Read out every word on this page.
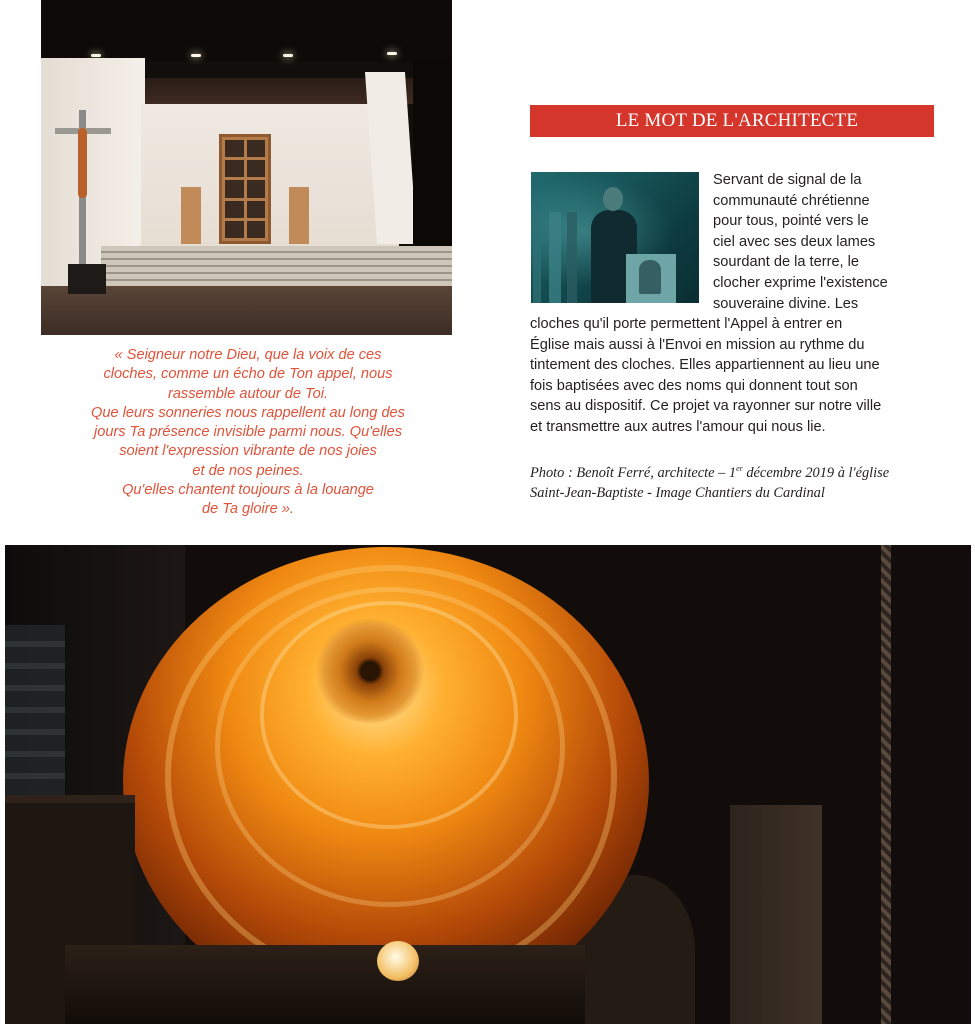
« Seigneur notre Dieu, que la voix de ces
cloches, comme un écho de Ton appel, nous
rassemble autour de Toi.
Que leurs sonneries nous rappellent au long des
jours Ta présence invisible parmi nous. Qu'elles
soient l'expression vibrante de nos joies
et de nos peines.
Qu'elles chantent toujours à la louange
de Ta gloire ».
LE MOT DE L'ARCHITECTE
Servant de signal de la
communauté chrétienne
pour tous, pointé vers le
ciel avec ses deux lames
sourdant de la terre, le
clocher exprime l'existence
souveraine divine. Les
cloches qu'il porte permettent l'Appel à entrer en
Église mais aussi à l'Envoi en mission au rythme du
tintement des cloches. Elles appartiennent au lieu une
fois baptisées avec des noms qui donnent tout son
sens au dispositif. Ce projet va rayonner sur notre ville
et transmettre aux autres l'amour qui nous lie.
Photo : Benoît Ferré, architecte – 1er décembre 2019 à l'église
Saint-Jean-Baptiste - Image Chantiers du Cardinal
